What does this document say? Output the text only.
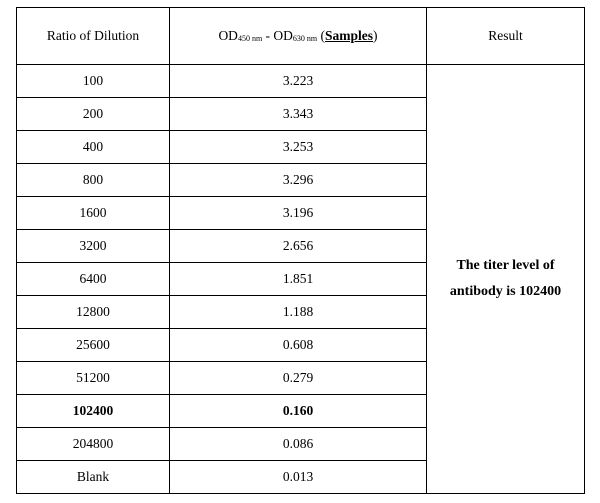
Ratio of Dilution	OD450 nm - OD630 nm (Samples)	Result
100	3.223	The titer level of antibody is 102400
200	3.343	
400	3.253	
800	3.296	
1600	3.196	
3200	2.656	
6400	1.851	
12800	1.188	
25600	0.608	
51200	0.279	
102400	0.160	
204800	0.086	
Blank	0.013	
